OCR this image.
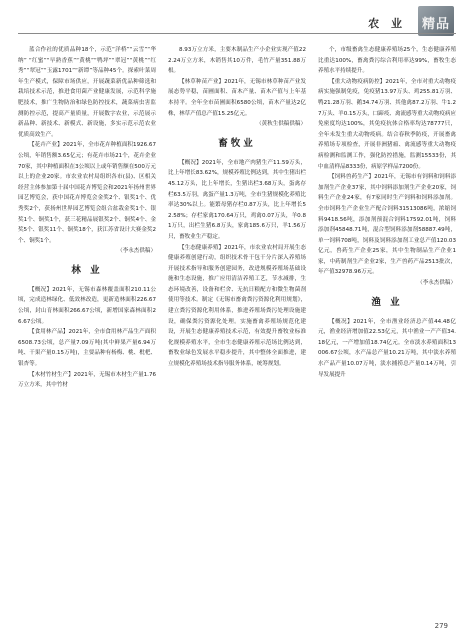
农 业	精品

蓝合作社的优质品种18个，示范“洋桥”“云雪”“华纳” “红蜜”“早熟香蕉”“黄桃”“鸭坪”“翠冠”“黄桃”“红秀”“翠冠”“玉露1701”“新谭”等品种45个。探索叶菜周年生产模式，保障市场供应，开展蔬菜新优品种筛选和栽培技术示范，推进食用菌产业健康发展，示范科学施肥技术，推广生物防治和绿色防控技术，蔬菜病虫害监测防控示范，提高产量质量，开展数字农业，示范展示新品种、新技术、新模式、新设施，多实示范示范农业优质高效生产。

【花卉产业】2021年，全市花卉种植面积1926.67公顷，年销售额3.65亿元；有花卉市场21个，花卉企业70家，其中种植面积在3公顷以上或年销售额在500万元以上的企业20家。市农业农村局组织各市(县)、区相关经营主体参加第十届中国花卉博览会和2021年扬州世界园艺博览会，获中国花卉博览会金奖2个、银奖1个、优秀奖2个，获扬州世界园艺博览会组合盆栽金奖1个、银奖1个、铜奖1个，获三花精品展银奖2个、铜奖4个、金奖5个、银奖11个、铜奖18个，获江苏省设计大赛金奖2个、铜奖1个。

（李永杰供稿）

林 业

【概况】2021年，无锡市森林覆盖面积210.11公顷，完成造林绿化、低效林改造，更新造林面积226.67公顷，封山育林面积266.67公顷，新增国家森林面积26.67公顷。

【食用林产品】2021年，全市食用林产品生产面积6508.73公顷，总产量7.09万吨(其中鲜果产量6.94万吨、干果产量0.15万吨)，主要品种有杨梅、桃、枇杷、银杏等。

【木材竹材生产】2021年，无锡市木材生产量1.76万立方米，其中竹材

8.93万立方米，主要木制品生产小企业实现产值222.24万立方米，木销售其10万件，毛竹产量351.88万根。

【林草种苗产业】2021年，无锡市林草种苗产业发展态势平稳，苗圃面积、苗木产量、苗木产值与上年基本持平。全年全市苗圃面积6580公顷，苗木产量达2亿株，林草产值总产值15.25亿元。

（黄秋生供稿供稿）

畜牧业

【概况】2021年，全市地产肉猪生产11.59万头，比上年增长83.62%，规模养殖比例达到，其中生猪出栏45.12万头，比上年增长，生猪出栏3.68万头，蛋禽存栏63.5万羽，禽蛋产量1.3万吨，全市生猪规模化养殖比率达30%以上。能繁母猪存栏0.87万头，比上年增长52.58%；存栏家禽170.64万只，鸡禽0.07万头，羊0.81万只，出栏生猪6.8万头，家禽185.6万只，羊1.56万只，畜牧业生产稳定。

【生态健康养殖】2021年，市农业农村局开展生态健康养殖创建行动，组织技术骨干包干分片深入养殖场开展技术指导和服务创建园务，改进规模养殖场基础设施和生态设施，推广应用清洁养殖工艺，节水减排，生态环境改善，设备和栏舍、无抗日粮配方和微生物菌剂使用等技术。制定《无锡市畜禽粪污资源化利用规划》，建立粪污资源化利用体系，推进养殖场粪污处理设施建设，确保粪污资源化处理。实施畜禽养殖场规范化建设，开展生态健康养殖技术示范，有效提升畜牧业标准化规模养殖水平，全市生态健康养殖示范场比例达到，畜牧业绿色发展水平稳步提升，其中整体全面推进，建立规模化养殖场技术指导服务体系，统筹规划。

个，市级畜禽生态健康养殖场25个，生态健康养殖比重达100%，畜禽粪污综合利用率达99%，畜牧生态养殖水平持续提升。

【重大动物疫病防控】2021年，全市对重大动物疫病实施强制免疫，免疫猪13.97万头、鸡255.81万羽、鸭21.28万羽、鹅34.74万羽、其他禽87.2万羽、牛1.27万头、羊0.15万头，口蹄疫、禽流感等重大动物疫病应免密度均达100%，其免疫抗体合格率均达78777只，全年未发生重大动物疫病。结合春秋季防疫，开展畜禽养殖场专项检查，开展非洲猪瘟、禽流感等重大动物疫病检测和监测工作，强化防控措施，监测15533份，其中血清样品8333份，病原学样品7200份。

【饲料兽药生产】2021年，无锡市有饲料和饲料添加剂生产企业37家，其中饲料添加剂生产企业20家，饲料生产企业24家，有7家同时生产饲料和饲料添加剂。全市饲料生产企业生产配合饲料31513086吨，浓缩饲料9418.56吨，添加剂预混合饲料17592.01吨，饲料添加剂45848.71吨，混合型饲料添加剂58887.49吨，单一饲料708吨，饲料及饲料添加剂工业总产值120.03亿元，兽药生产企业25家，其中生物制品生产企业1家，中药制剂生产企业2家，生产兽药产品2513批次，年产值32978.96万元。

（李永杰供稿）

渔 业

【概况】2021年，全市渔业经济总产值44.48亿元，渔业经济增加值22.53亿元，其中渔业一产产值34.18亿元，一产增加值18.74亿元。全市淡水养殖面积13006.67公顷，水产品总产量10.21万吨，其中淡水养殖水产品产量10.07万吨，淡水捕捞总产量0.14万吨，引导发展提升

279
